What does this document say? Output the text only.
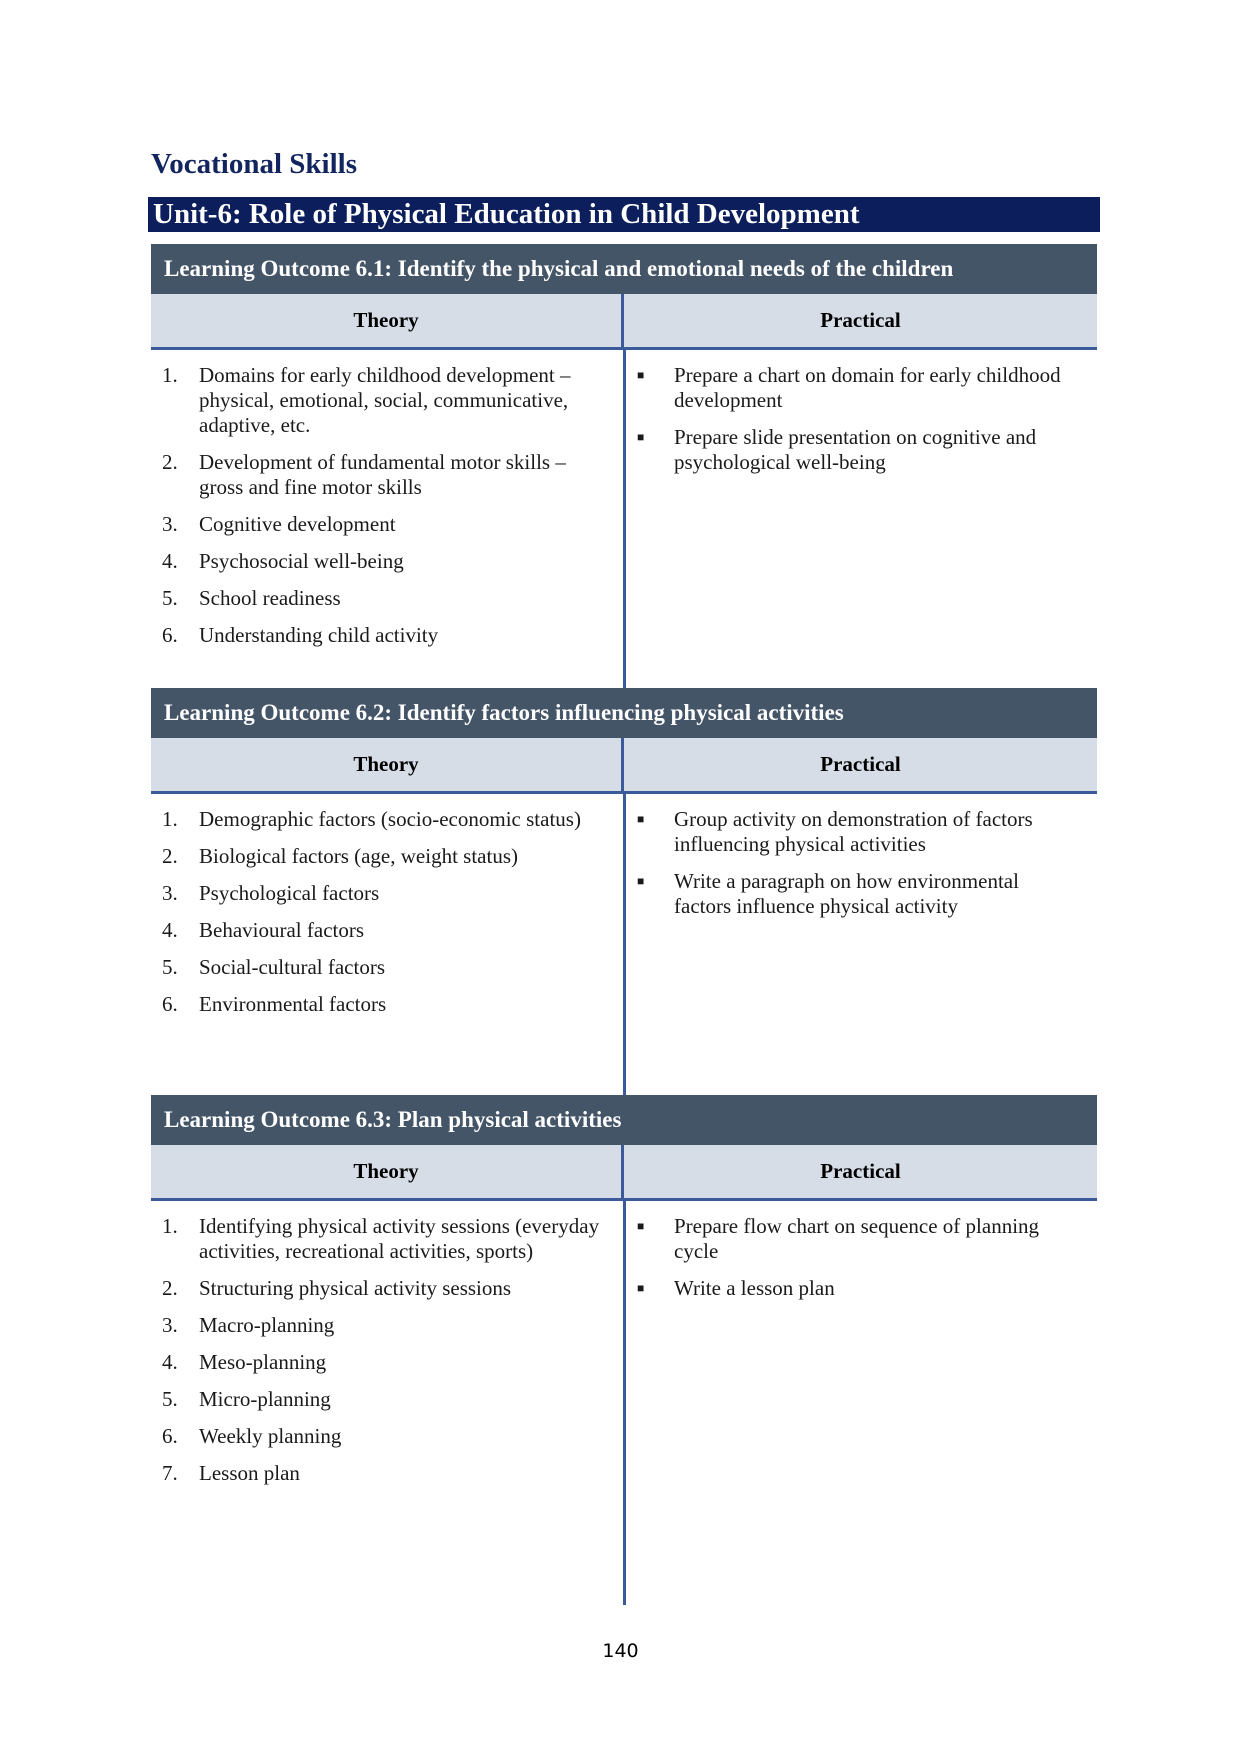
Vocational Skills
Unit-6: Role of Physical Education in Child Development
Learning Outcome 6.1: Identify the physical and emotional needs of the children
Theory	Practical
1.	Domains for early childhood development – physical, emotional, social, communicative, adaptive, etc.
2.	Development of fundamental motor skills – gross and fine motor skills
3.	Cognitive development
4.	Psychosocial well-being
5.	School readiness
6.	Understanding child activity
■	Prepare a chart on domain for early childhood development
■	Prepare slide presentation on cognitive and psychological well-being
Learning Outcome 6.2: Identify factors influencing physical activities
Theory	Practical
1.	Demographic factors (socio-economic status)
2.	Biological factors (age, weight status)
3.	Psychological factors
4.	Behavioural factors
5.	Social-cultural factors
6.	Environmental factors
■	Group activity on demonstration of factors influencing physical activities
■	Write a paragraph on how environmental factors influence physical activity
Learning Outcome 6.3: Plan physical activities
Theory	Practical
1.	Identifying physical activity sessions (everyday activities, recreational activities, sports)
2.	Structuring physical activity sessions
3.	Macro-planning
4.	Meso-planning
5.	Micro-planning
6.	Weekly planning
7.	Lesson plan
■	Prepare flow chart on sequence of planning cycle
■	Write a lesson plan
140
